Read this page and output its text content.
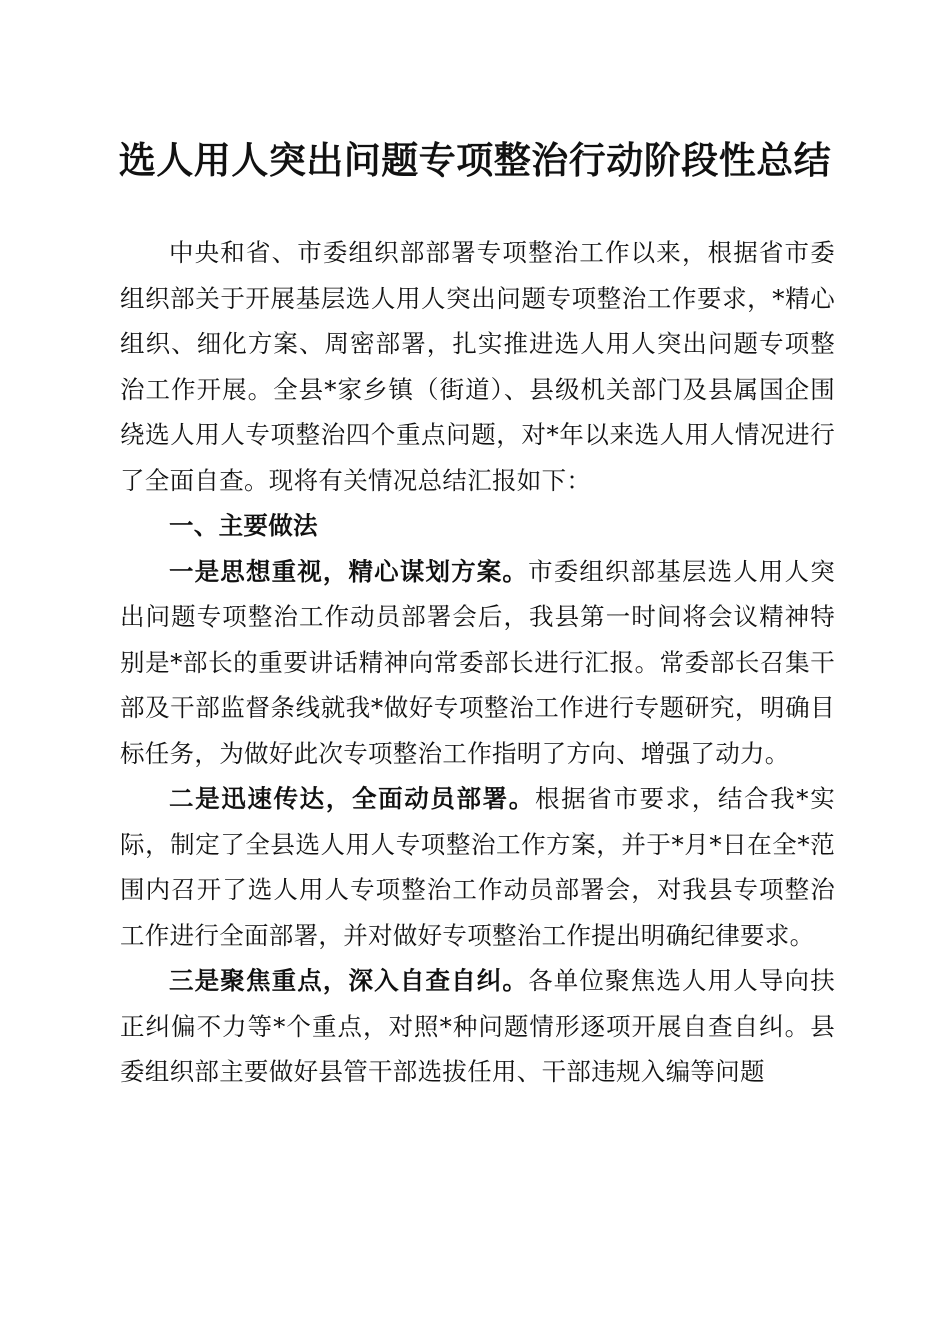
选人用人突出问题专项整治行动阶段性总结

中央和省、市委组织部部署专项整治工作以来，根据省市委组织部关于开展基层选人用人突出问题专项整治工作要求，*精心组织、细化方案、周密部署，扎实推进选人用人突出问题专项整治工作开展。全县*家乡镇（街道）、县级机关部门及县属国企围绕选人用人专项整治四个重点问题，对*年以来选人用人情况进行了全面自查。现将有关情况总结汇报如下：

一、主要做法

一是思想重视，精心谋划方案。市委组织部基层选人用人突出问题专项整治工作动员部署会后，我县第一时间将会议精神特别是*部长的重要讲话精神向常委部长进行汇报。常委部长召集干部及干部监督条线就我*做好专项整治工作进行专题研究，明确目标任务，为做好此次专项整治工作指明了方向、增强了动力。

二是迅速传达，全面动员部署。根据省市要求，结合我*实际，制定了全县选人用人专项整治工作方案，并于*月*日在全*范围内召开了选人用人专项整治工作动员部署会，对我县专项整治工作进行全面部署，并对做好专项整治工作提出明确纪律要求。

三是聚焦重点，深入自查自纠。各单位聚焦选人用人导向扶正纠偏不力等*个重点，对照*种问题情形逐项开展自查自纠。县委组织部主要做好县管干部选拔任用、干部违规入编等问题
